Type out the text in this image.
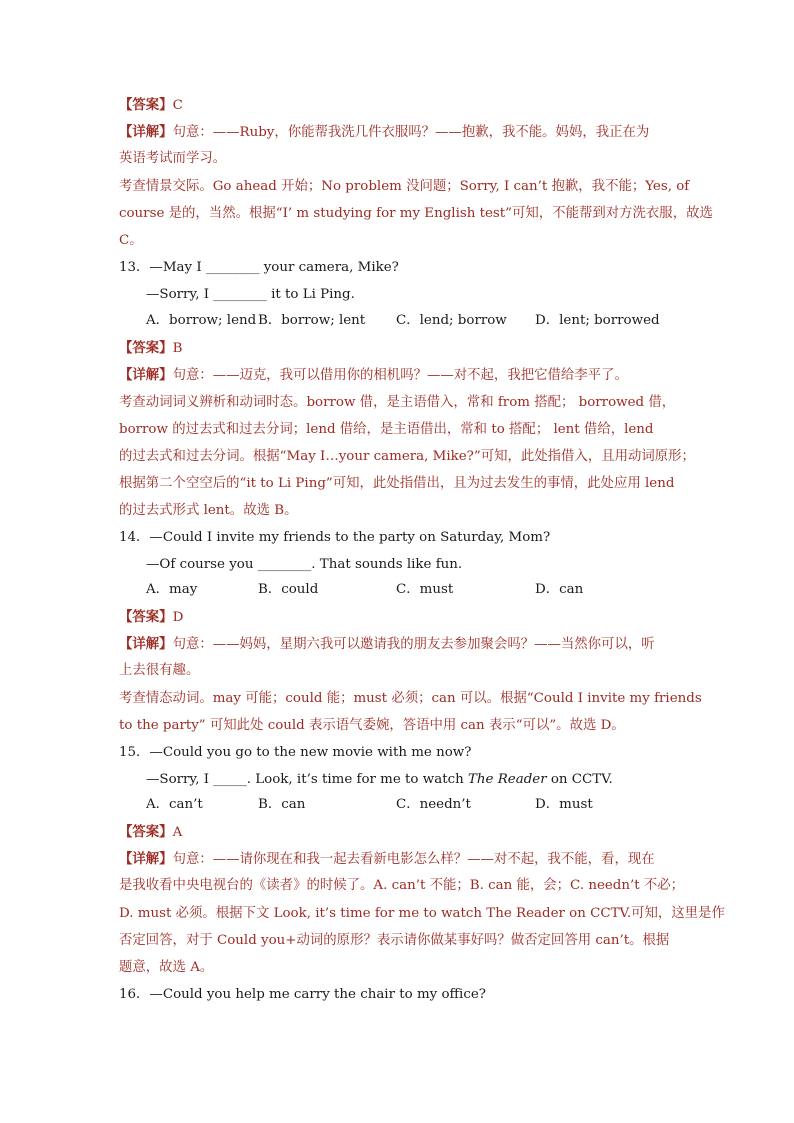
【答案】C
【详解】句意：——Ruby，你能帮我洗几件衣服吗？——抱歉，我不能。妈妈，我正在为
英语考试而学习。
考查情景交际。Go ahead 开始；No problem 没问题；Sorry, I can’t 抱歉，我不能；Yes, of
course 是的，当然。根据“I’ m studying for my English test”可知，不能帮到对方洗衣服，故选
C。
13．—May I ________ your camera, Mike?
—Sorry, I ________ it to Li Ping.
A．borrow; lend B．borrow; lent C．lend; borrow D．lent; borrowed
【答案】B
【详解】句意：——迈克，我可以借用你的相机吗？——对不起，我把它借给李平了。
考查动词词义辨析和动词时态。borrow 借，是主语借入，常和 from 搭配； borrowed 借，
borrow 的过去式和过去分词；lend 借给，是主语借出，常和 to 搭配； lent 借给，lend
的过去式和过去分词。根据“May I…your camera, Mike?”可知，此处指借入，且用动词原形；
根据第二个空空后的“it to Li Ping”可知，此处指借出，且为过去发生的事情，此处应用 lend
的过去式形式 lent。故选 B。
14．—Could I invite my friends to the party on Saturday, Mom?
—Of course you ________. That sounds like fun.
A．may	B．could	C．must	D．can
【答案】D
【详解】句意：——妈妈，星期六我可以邀请我的朋友去参加聚会吗？——当然你可以，听
上去很有趣。
考查情态动词。may 可能；could 能；must 必须；can 可以。根据“Could I invite my friends
to the party” 可知此处 could 表示语气委婉，答语中用 can 表示“可以”。故选 D。
15．—Could you go to the new movie with me now?
—Sorry, I _____. Look, it’s time for me to watch The Reader on CCTV.
A．can’t	B．can	C．needn’t	D．must
【答案】A
【详解】句意：——请你现在和我一起去看新电影怎么样？——对不起，我不能，看，现在
是我收看中央电视台的《读者》的时候了。A. can’t 不能；B. can 能，会；C. needn’t 不必；
D. must 必须。根据下文 Look, it’s time for me to watch The Reader on CCTV.可知，这里是作
否定回答，对于 Could you+动词的原形？表示请你做某事好吗？做否定回答用 can’t。根据
题意，故选 A。
16．—Could you help me carry the chair to my office?
